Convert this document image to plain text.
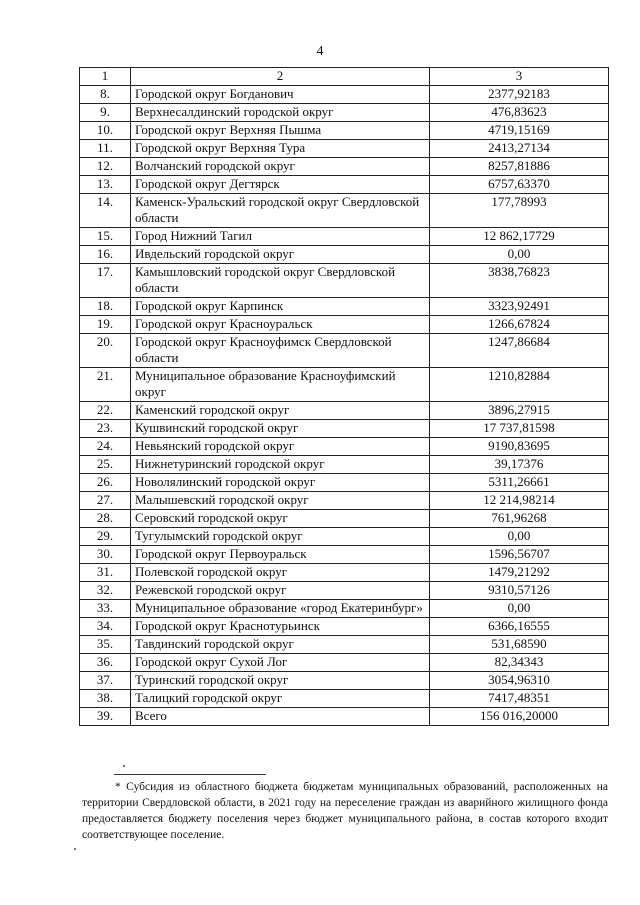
4
1	2	3
8.	Городской округ Богданович	2377,92183
9.	Верхнесалдинский городской округ	476,83623
10.	Городской округ Верхняя Пышма	4719,15169
11.	Городской округ Верхняя Тура	2413,27134
12.	Волчанский городской округ	8257,81886
13.	Городской округ Дегтярск	6757,63370
14.	Каменск-Уральский городской округ Свердловской области	177,78993
15.	Город Нижний Тагил	12 862,17729
16.	Ивдельский городской округ	0,00
17.	Камышловский городской округ Свердловской области	3838,76823
18.	Городской округ Карпинск	3323,92491
19.	Городской округ Красноуральск	1266,67824
20.	Городской округ Красноуфимск Свердловской области	1247,86684
21.	Муниципальное образование Красноуфимский округ	1210,82884
22.	Каменский городской округ	3896,27915
23.	Кушвинский городской округ	17 737,81598
24.	Невьянский городской округ	9190,83695
25.	Нижнетуринский городской округ	39,17376
26.	Новолялинский городской округ	5311,26661
27.	Малышевский городской округ	12 214,98214
28.	Серовский городской округ	761,96268
29.	Тугулымский городской округ	0,00
30.	Городской округ Первоуральск	1596,56707
31.	Полевской городской округ	1479,21292
32.	Режевской городской округ	9310,57126
33.	Муниципальное образование «город Екатеринбург»	0,00
34.	Городской округ Краснотурьинск	6366,16555
35.	Тавдинский городской округ	531,68590
36.	Городской округ Сухой Лог	82,34343
37.	Туринский городской округ	3054,96310
38.	Талицкий городской округ	7417,48351
39.	Всего	156 016,20000
* Субсидия из областного бюджета бюджетам муниципальных образований, расположенных на территории Свердловской области, в 2021 году на переселение граждан из аварийного жилищного фонда предоставляется бюджету поселения через бюджет муниципального района, в состав которого входит соответствующее поселение.
